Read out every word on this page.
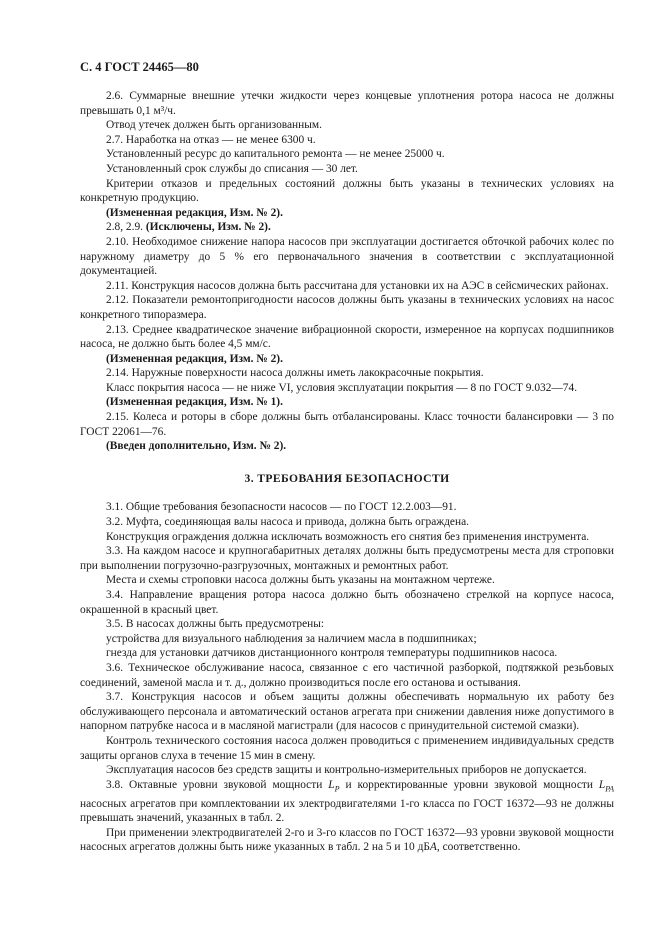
С. 4 ГОСТ 24465—80

2.6. Суммарные внешние утечки жидкости через концевые уплотнения ротора насоса не должны превышать 0,1 м³/ч.

Отвод утечек должен быть организованным.

2.7. Наработка на отказ — не менее 6300 ч.

Установленный ресурс до капитального ремонта — не менее 25000 ч.

Установленный срок службы до списания — 30 лет.

Критерии отказов и предельных состояний должны быть указаны в технических условиях на конкретную продукцию.

(Измененная редакция, Изм. № 2).

2.8, 2.9. (Исключены, Изм. № 2).

2.10. Необходимое снижение напора насосов при эксплуатации достигается обточкой рабочих колес по наружному диаметру до 5 % его первоначального значения в соответствии с эксплуатационной документацией.

2.11. Конструкция насосов должна быть рассчитана для установки их на АЭС в сейсмических районах.

2.12. Показатели ремонтопригодности насосов должны быть указаны в технических условиях на насос конкретного типоразмера.

2.13. Среднее квадратическое значение вибрационной скорости, измеренное на корпусах подшипников насоса, не должно быть более 4,5 мм/с.

(Измененная редакция, Изм. № 2).

2.14. Наружные поверхности насоса должны иметь лакокрасочные покрытия.

Класс покрытия насоса — не ниже VI, условия эксплуатации покрытия — 8 по ГОСТ 9.032—74.

(Измененная редакция, Изм. № 1).

2.15. Колеса и роторы в сборе должны быть отбалансированы. Класс точности балансировки — 3 по ГОСТ 22061—76.

(Введен дополнительно, Изм. № 2).

3. ТРЕБОВАНИЯ БЕЗОПАСНОСТИ

3.1. Общие требования безопасности насосов — по ГОСТ 12.2.003—91.

3.2. Муфта, соединяющая валы насоса и привода, должна быть ограждена.

Конструкция ограждения должна исключать возможность его снятия без применения инструмента.

3.3. На каждом насосе и крупногабаритных деталях должны быть предусмотрены места для строповки при выполнении погрузочно-разгрузочных, монтажных и ремонтных работ.

Места и схемы строповки насоса должны быть указаны на монтажном чертеже.

3.4. Направление вращения ротора насоса должно быть обозначено стрелкой на корпусе насоса, окрашенной в красный цвет.

3.5. В насосах должны быть предусмотрены:

устройства для визуального наблюдения за наличием масла в подшипниках;

гнезда для установки датчиков дистанционного контроля температуры подшипников насоса.

3.6. Техническое обслуживание насоса, связанное с его частичной разборкой, подтяжкой резьбовых соединений, заменой масла и т. д., должно производиться после его останова и остывания.

3.7. Конструкция насосов и объем защиты должны обеспечивать нормальную их работу без обслуживающего персонала и автоматический останов агрегата при снижении давления ниже допустимого в напорном патрубке насоса и в масляной магистрали (для насосов с принудительной системой смазки).

Контроль технического состояния насоса должен проводиться с применением индивидуальных средств защиты органов слуха в течение 15 мин в смену.

Эксплуатация насосов без средств защиты и контрольно-измерительных приборов не допускается.

3.8. Октавные уровни звуковой мощности $L_P$ и корректированные уровни звуковой мощности $L_{PA}$ насосных агрегатов при комплектовании их электродвигателями 1-го класса по ГОСТ 16372—93 не должны превышать значений, указанных в табл. 2.

При применении электродвигателей 2-го и 3-го классов по ГОСТ 16372—93 уровни звуковой мощности насосных агрегатов должны быть ниже указанных в табл. 2 на 5 и 10 дБА, соответственно.
